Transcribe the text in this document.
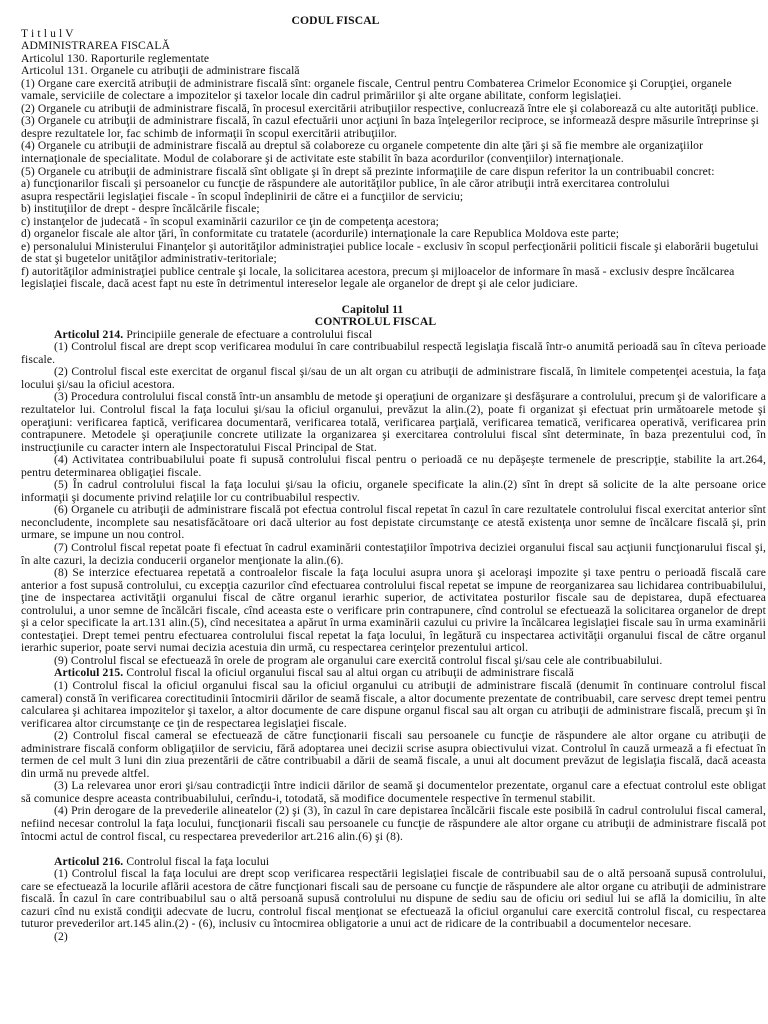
CODUL FISCAL

T i t l u l V

ADMINISTRAREA FISCALĂ

Articolul 130. Raporturile reglementate

Articolul 131. Organele cu atribuţii de administrare fiscală

(1) Organe care exercită atribuţii de administrare fiscală sînt: organele fiscale, Centrul pentru Combaterea Crimelor Economice şi Corupţiei, organele vamale, serviciile de colectare a impozitelor şi taxelor locale din cadrul primăriilor şi alte organe abilitate, conform legislaţiei.

(2) Organele cu atribuţii de administrare fiscală, în procesul exercitării atribuţiilor respective, conlucrează între ele şi colaborează cu alte autorităţi publice.

(3) Organele cu atribuţii de administrare fiscală, în cazul efectuării unor acţiuni în baza înţelegerilor reciproce, se informează despre măsurile întreprinse şi despre rezultatele lor, fac schimb de informaţii în scopul exercitării atribuţiilor.

(4) Organele cu atribuţii de administrare fiscală au dreptul să colaboreze cu organele competente din alte ţări şi să fie membre ale organizaţiilor internaţionale de specialitate. Modul de colaborare şi de activitate este stabilit în baza acordurilor (convenţiilor) internaţionale.

(5) Organele cu atribuţii de administrare fiscală sînt obligate şi în drept să prezinte informaţiile de care dispun referitor la un contribuabil concret:

a) funcţionarilor fiscali şi persoanelor cu funcţie de răspundere ale autorităţilor publice, în ale căror atribuţii intră exercitarea controlului

asupra respectării legislaţiei fiscale - în scopul îndeplinirii de către ei a funcţiilor de serviciu;

b) instituţiilor de drept - despre încălcările fiscale;

c) instanţelor de judecată - în scopul examinării cazurilor ce ţin de competenţa acestora;

d) organelor fiscale ale altor ţări, în conformitate cu tratatele (acordurile) internaţionale la care Republica Moldova este parte;

e) personalului Ministerului Finanţelor şi autorităţilor administraţiei publice locale - exclusiv în scopul perfecţionării politicii fiscale şi elaborării bugetului de stat şi bugetelor unităţilor administrativ-teritoriale;

f) autorităţilor administraţiei publice centrale şi locale, la solicitarea acestora, precum şi mijloacelor de informare în masă - exclusiv despre încălcarea legislaţiei fiscale, dacă acest fapt nu este în detrimentul intereselor legale ale organelor de drept şi ale celor judiciare.

Capitolul 11

CONTROLUL FISCAL

Articolul 214. Principiile generale de efectuare a controlului fiscal

(1) Controlul fiscal are drept scop verificarea modului în care contribuabilul respectă legislaţia fiscală într-o anumită perioadă sau în cîteva perioade fiscale.

(2) Controlul fiscal este exercitat de organul fiscal şi/sau de un alt organ cu atribuţii de administrare fiscală, în limitele competenţei acestuia, la faţa locului şi/sau la oficiul acestora.

(3) Procedura controlului fiscal constă într-un ansamblu de metode şi operaţiuni de organizare şi desfăşurare a controlului, precum şi de valorificare a rezultatelor lui. Controlul fiscal la faţa locului şi/sau la oficiul organului, prevăzut la alin.(2), poate fi organizat şi efectuat prin următoarele metode şi operaţiuni: verificarea faptică, verificarea documentară, verificarea totală, verificarea parţială, verificarea tematică, verificarea operativă, verificarea prin contrapunere. Metodele şi operaţiunile concrete utilizate la organizarea şi exercitarea controlului fiscal sînt determinate, în baza prezentului cod, în instrucţiunile cu caracter intern ale Inspectoratului Fiscal Principal de Stat.

(4) Activitatea contribuabilului poate fi supusă controlului fiscal pentru o perioadă ce nu depăşeşte termenele de prescripţie, stabilite la art.264, pentru determinarea obligaţiei fiscale.

(5) În cadrul controlului fiscal la faţa locului şi/sau la oficiu, organele specificate la alin.(2) sînt în drept să solicite de la alte persoane orice informaţii şi documente privind relaţiile lor cu contribuabilul respectiv.

(6) Organele cu atribuţii de administrare fiscală pot efectua controlul fiscal repetat în cazul în care rezultatele controlului fiscal exercitat anterior sînt neconcludente, incomplete sau nesatisfăcătoare ori dacă ulterior au fost depistate circumstanţe ce atestă existenţa unor semne de încălcare fiscală şi, prin urmare, se impune un nou control.

(7) Controlul fiscal repetat poate fi efectuat în cadrul examinării contestaţiilor împotriva deciziei organului fiscal sau acţiunii funcţionarului fiscal şi, în alte cazuri, la decizia conducerii organelor menţionate la alin.(6).

(8) Se interzice efectuarea repetată a controalelor fiscale la faţa locului asupra unora şi aceloraşi impozite şi taxe pentru o perioadă fiscală care anterior a fost supusă controlului, cu excepţia cazurilor cînd efectuarea controlului fiscal repetat se impune de reorganizarea sau lichidarea contribuabilului, ţine de inspectarea activităţii organului fiscal de către organul ierarhic superior, de activitatea posturilor fiscale sau de depistarea, după efectuarea controlului, a unor semne de încălcări fiscale, cînd aceasta este o verificare prin contrapunere, cînd controlul se efectuează la solicitarea organelor de drept şi a celor specificate la art.131 alin.(5), cînd necesitatea a apărut în urma examinării cazului cu privire la încălcarea legislaţiei fiscale sau în urma examinării contestaţiei. Drept temei pentru efectuarea controlului fiscal repetat la faţa locului, în legătură cu inspectarea activităţii organului fiscal de către organul ierarhic superior, poate servi numai decizia acestuia din urmă, cu respectarea cerinţelor prezentului articol.

(9) Controlul fiscal se efectuează în orele de program ale organului care exercită controlul fiscal şi/sau cele ale contribuabilului.

Articolul 215. Controlul fiscal la oficiul organului fiscal sau al altui organ cu atribuţii de administrare fiscală

(1) Controlul fiscal la oficiul organului fiscal sau la oficiul organului cu atribuţii de administrare fiscală (denumit în continuare controlul fiscal cameral) constă în verificarea corectitudinii întocmirii dărilor de seamă fiscale, a altor documente prezentate de contribuabil, care servesc drept temei pentru calcularea şi achitarea impozitelor şi taxelor, a altor documente de care dispune organul fiscal sau alt organ cu atribuţii de administrare fiscală, precum şi în verificarea altor circumstanţe ce ţin de respectarea legislaţiei fiscale.

(2) Controlul fiscal cameral se efectuează de către funcţionarii fiscali sau persoanele cu funcţie de răspundere ale altor organe cu atribuţii de administrare fiscală conform obligaţiilor de serviciu, fără adoptarea unei decizii scrise asupra obiectivului vizat. Controlul în cauză urmează a fi efectuat în termen de cel mult 3 luni din ziua prezentării de către contribuabil a dării de seamă fiscale, a unui alt document prevăzut de legislaţia fiscală, dacă aceasta din urmă nu prevede altfel.

(3) La relevarea unor erori şi/sau contradicţii între indicii dărilor de seamă şi documentelor prezentate, organul care a efectuat controlul este obligat să comunice despre aceasta contribuabilului, cerîndu-i, totodată, să modifice documentele respective în termenul stabilit.

(4) Prin derogare de la prevederile alineatelor (2) şi (3), în cazul în care depistarea încălcării fiscale este posibilă în cadrul controlului fiscal cameral, nefiind necesar controlul la faţa locului, funcţionarii fiscali sau persoanele cu funcţie de răspundere ale altor organe cu atribuţii de administrare fiscală pot întocmi actul de control fiscal, cu respectarea prevederilor art.216 alin.(6) şi (8).

Articolul 216. Controlul fiscal la faţa locului

(1) Controlul fiscal la faţa locului are drept scop verificarea respectării legislaţiei fiscale de contribuabil sau de o altă persoană supusă controlului, care se efectuează la locurile aflării acestora de către funcţionari fiscali sau de persoane cu funcţie de răspundere ale altor organe cu atribuţii de administrare fiscală. În cazul în care contribuabilul sau o altă persoană supusă controlului nu dispune de sediu sau de oficiu ori sediul lui se află la domiciliu, în alte cazuri cînd nu există condiţii adecvate de lucru, controlul fiscal menţionat se efectuează la oficiul organului care exercită controlul fiscal, cu respectarea tuturor prevederilor art.145 alin.(2) - (6), inclusiv cu întocmirea obligatorie a unui act de ridicare de la contribuabil a documentelor necesare.

(2)
